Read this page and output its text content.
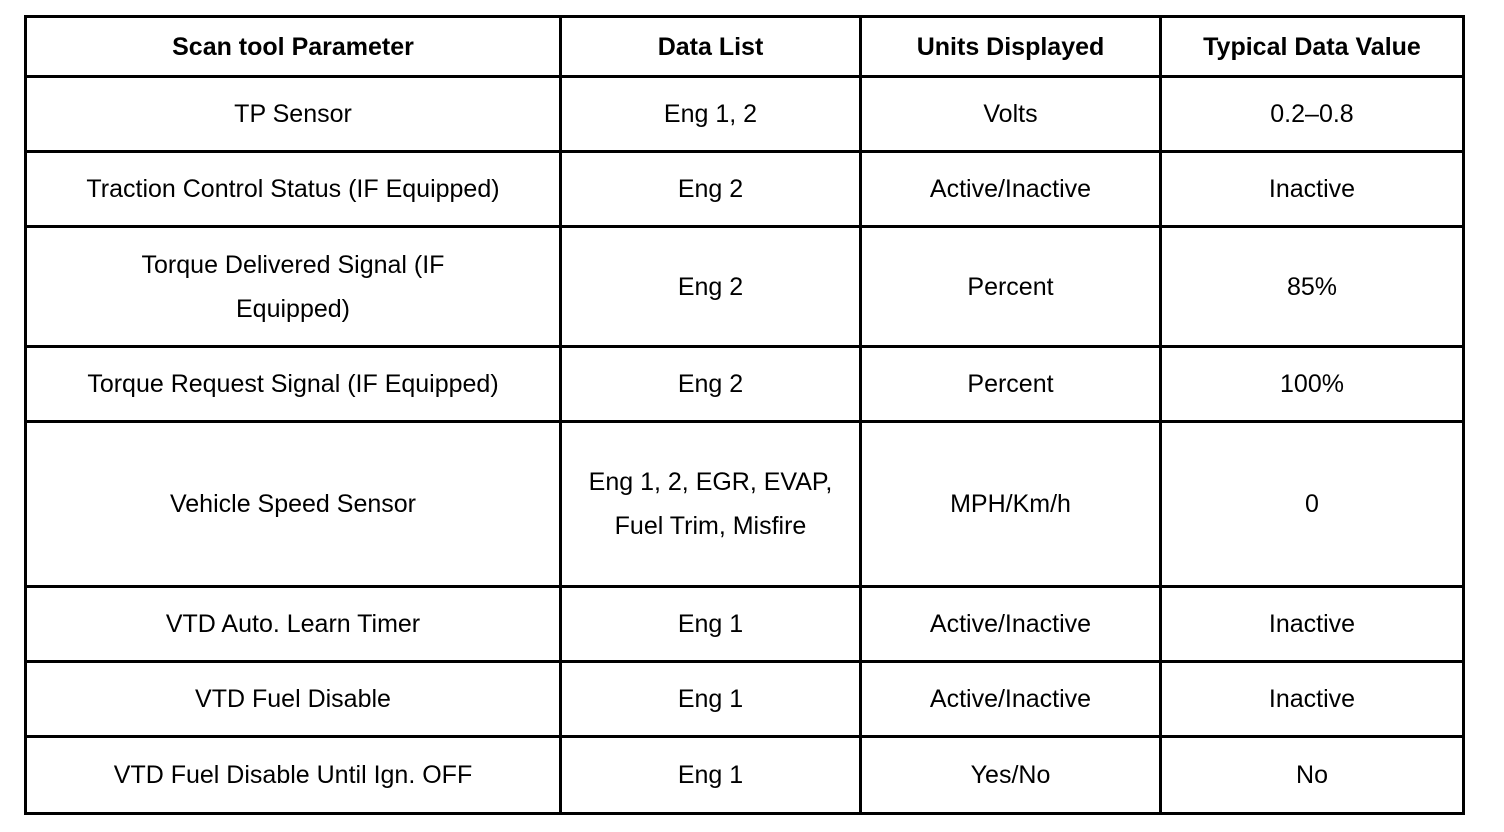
Scan tool Parameter	Data List	Units Displayed	Typical Data Value
TP Sensor	Eng 1, 2	Volts	0.2–0.8
Traction Control Status (IF Equipped)	Eng 2	Active/Inactive	Inactive
Torque Delivered Signal (IF Equipped)	Eng 2	Percent	85%
Torque Request Signal (IF Equipped)	Eng 2	Percent	100%
Vehicle Speed Sensor	Eng 1, 2, EGR, EVAP, Fuel Trim, Misfire	MPH/Km/h	0
VTD Auto. Learn Timer	Eng 1	Active/Inactive	Inactive
VTD Fuel Disable	Eng 1	Active/Inactive	Inactive
VTD Fuel Disable Until Ign. OFF	Eng 1	Yes/No	No
